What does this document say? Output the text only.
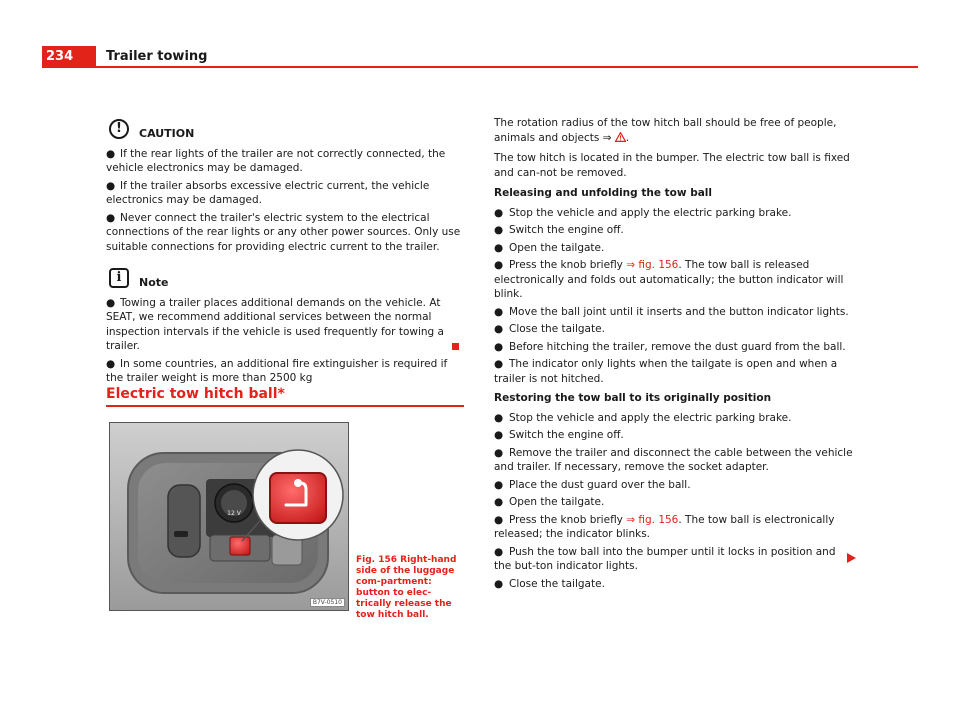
234	Trailer towing
!	CAUTION
● If the rear lights of the trailer are not correctly connected, the vehicle electronics may be damaged.
● If the trailer absorbs excessive electric current, the vehicle electronics may be damaged.
● Never connect the trailer's electric system to the electrical connections of the rear lights or any other power sources. Only use suitable connections for providing electric current to the trailer.
i	Note
● Towing a trailer places additional demands on the vehicle. At SEAT, we recommend additional services between the normal inspection intervals if the vehicle is used frequently for towing a trailer.
● In some countries, an additional fire extinguisher is required if the trailer weight is more than 2500 kg
Electric tow hitch ball*
12 V
B7V-0510
Fig. 156 Right-hand side of the luggage com-partment: button to elec-trically release the tow hitch ball.
The rotation radius of the tow hitch ball should be free of people, animals and objects ⇒ .
The tow hitch is located in the bumper. The electric tow ball is fixed and can-not be removed.
Releasing and unfolding the tow ball
● Stop the vehicle and apply the electric parking brake.
● Switch the engine off.
● Open the tailgate.
● Press the knob briefly ⇒ fig. 156. The tow ball is released electronically and folds out automatically; the button indicator will blink.
● Move the ball joint until it inserts and the button indicator lights.
● Close the tailgate.
● Before hitching the trailer, remove the dust guard from the ball.
● The indicator only lights when the tailgate is open and when a trailer is not hitched.
Restoring the tow ball to its originally position
● Stop the vehicle and apply the electric parking brake.
● Switch the engine off.
● Remove the trailer and disconnect the cable between the vehicle and trailer. If necessary, remove the socket adapter.
● Place the dust guard over the ball.
● Open the tailgate.
● Press the knob briefly ⇒ fig. 156. The tow ball is electronically released; the indicator blinks.
● Push the tow ball into the bumper until it locks in position and the but-ton indicator lights.
● Close the tailgate.
